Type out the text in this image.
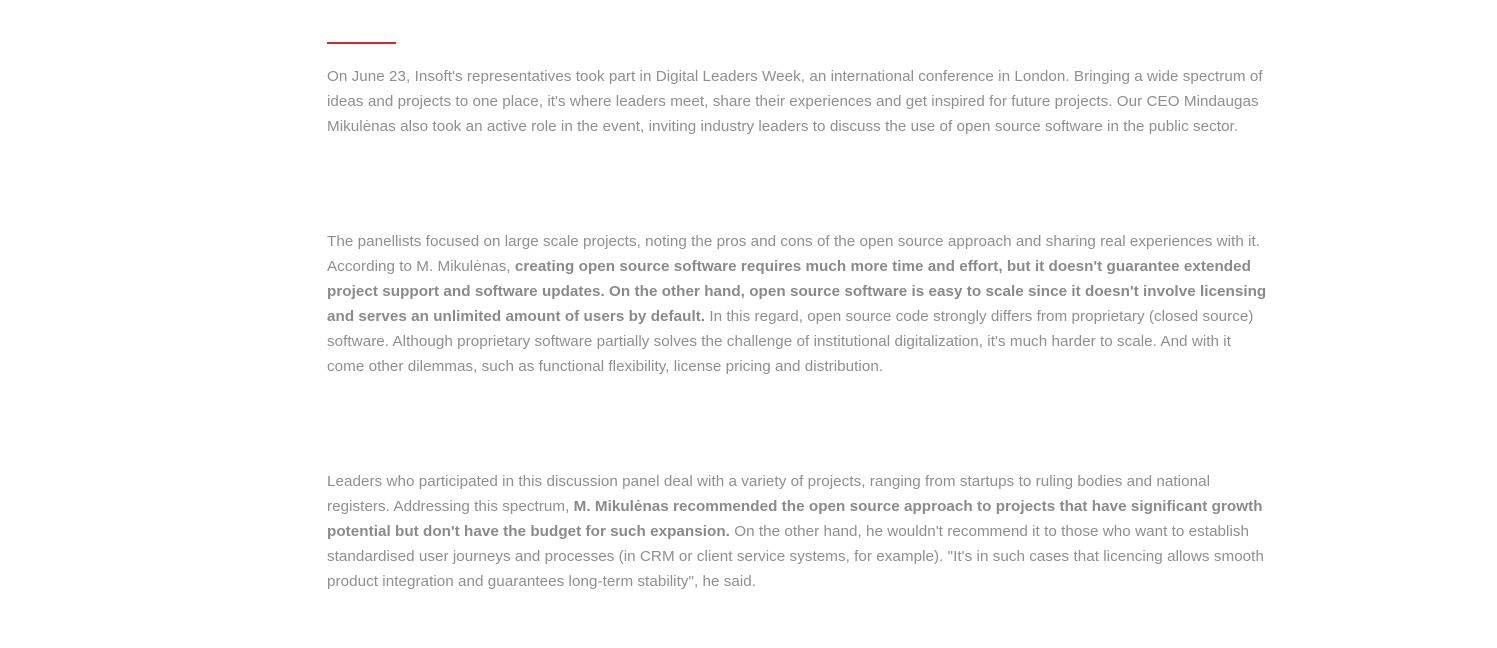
On June 23, Insoft's representatives took part in Digital Leaders Week, an international conference in London. Bringing a wide spectrum of ideas and projects to one place, it's where leaders meet, share their experiences and get inspired for future projects. Our CEO Mindaugas Mikulėnas also took an active role in the event, inviting industry leaders to discuss the use of open source software in the public sector.

The panellists focused on large scale projects, noting the pros and cons of the open source approach and sharing real experiences with it. According to M. Mikulėnas, creating open source software requires much more time and effort, but it doesn't guarantee extended project support and software updates. On the other hand, open source software is easy to scale since it doesn't involve licensing and serves an unlimited amount of users by default. In this regard, open source code strongly differs from proprietary (closed source) software. Although proprietary software partially solves the challenge of institutional digitalization, it's much harder to scale. And with it come other dilemmas, such as functional flexibility, license pricing and distribution.

Leaders who participated in this discussion panel deal with a variety of projects, ranging from startups to ruling bodies and national registers. Addressing this spectrum, M. Mikulėnas recommended the open source approach to projects that have significant growth potential but don't have the budget for such expansion. On the other hand, he wouldn't recommend it to those who want to establish standardised user journeys and processes (in CRM or client service systems, for example). "It's in such cases that licencing allows smooth product integration and guarantees long-term stability", he said.
